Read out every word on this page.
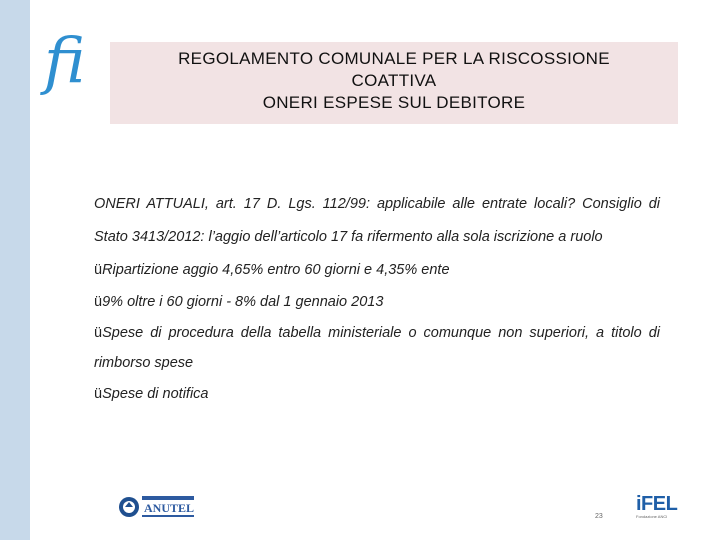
fi	REGOLAMENTO COMUNALE PER LA RISCOSSIONE
COATTIVA
ONERI ESPESE SUL DEBITORE

ONERI ATTUALI, art. 17 D. Lgs. 112/99: applicabile alle entrate locali? Consiglio di Stato 3413/2012: l’aggio dell’articolo 17 fa rifermento alla sola iscrizione a ruolo

üRipartizione aggio 4,65% entro 60 giorni e 4,35% ente

ü9% oltre i 60 giorni - 8% dal 1 gennaio 2013

üSpese di procedura della tabella ministeriale o comunque non superiori, a titolo di rimborso spese

üSpese di notifica

ANUTEL
23
iFEL
Fondazione ANCI
